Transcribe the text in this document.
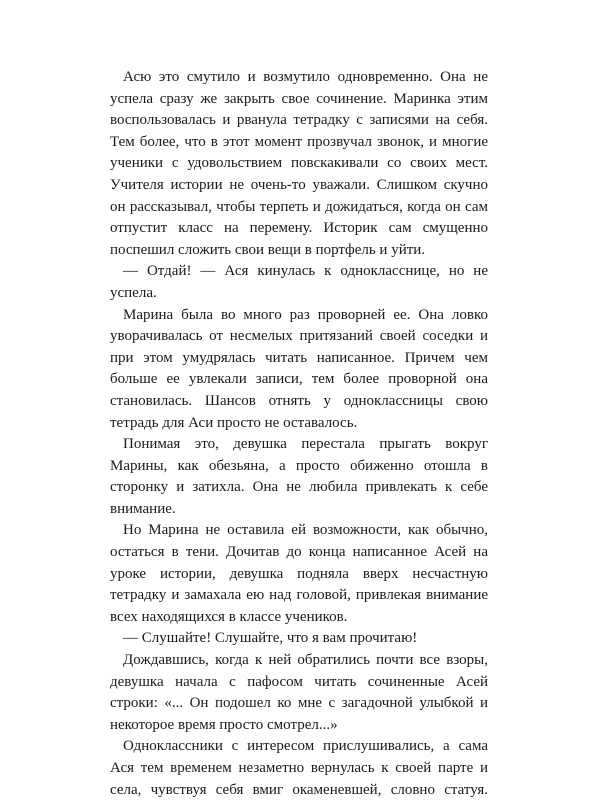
Асю это смутило и возмутило одновременно. Она не успела сразу же закрыть свое сочинение. Маринка этим воспользовалась и рванула тетрадку с записями на себя. Тем более, что в этот момент прозвучал звонок, и многие ученики с удовольствием повскакивали со своих мест. Учителя истории не очень-то уважали. Слишком скучно он рассказывал, чтобы терпеть и дожидаться, когда он сам отпустит класс на перемену. Историк сам смущенно поспешил сложить свои вещи в портфель и уйти.

— Отдай! — Ася кинулась к однокласснице, но не успела.

Марина была во много раз проворней ее. Она ловко уворачивалась от несмелых притязаний своей соседки и при этом умудрялась читать написанное. Причем чем больше ее увлекали записи, тем более проворной она становилась. Шансов отнять у одноклассницы свою тетрадь для Аси просто не оставалось.

Понимая это, девушка перестала прыгать вокруг Марины, как обезьяна, а просто обиженно отошла в сторонку и затихла. Она не любила привлекать к себе внимание.

Но Марина не оставила ей возможности, как обычно, остаться в тени. Дочитав до конца написанное Асей на уроке истории, девушка подняла вверх несчастную тетрадку и замахала ею над головой, привлекая внимание всех находящихся в классе учеников.

— Слушайте! Слушайте, что я вам прочитаю!

Дождавшись, когда к ней обратились почти все взоры, девушка начала с пафосом читать сочиненные Асей строки: «... Он подошел ко мне с загадочной улыбкой и некоторое время просто смотрел...»

Одноклассники с интересом прислушивались, а сама Ася тем временем незаметно вернулась к своей парте и села, чувствуя себя вмиг окаменевшей, словно статуя.
